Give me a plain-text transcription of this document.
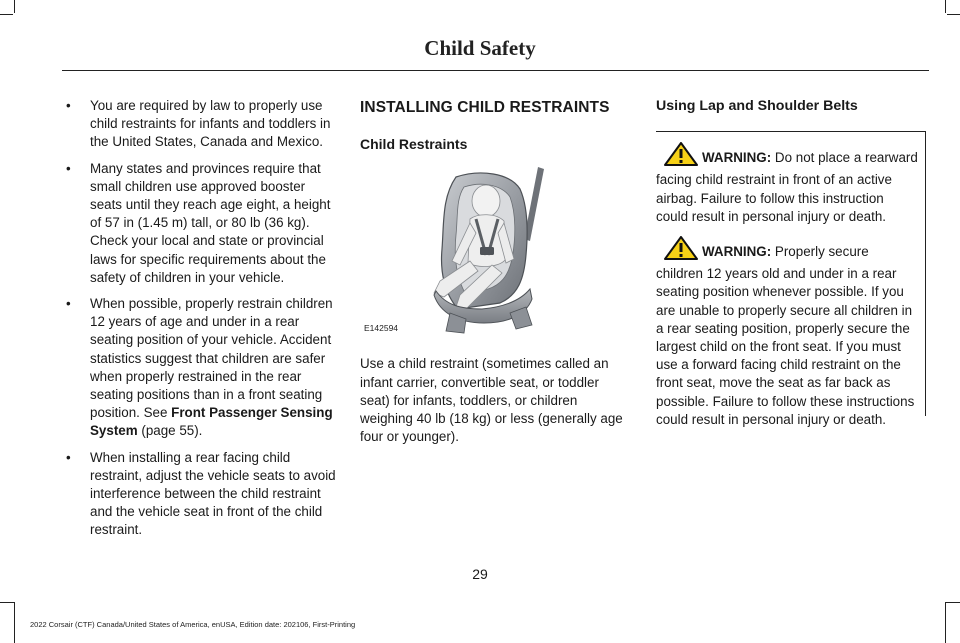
Child Safety
• You are required by law to properly use child restraints for infants and toddlers in the United States, Canada and Mexico.
• Many states and provinces require that small children use approved booster seats until they reach age eight, a height of 57 in (1.45 m) tall, or 80 lb (36 kg). Check your local and state or provincial laws for specific requirements about the safety of children in your vehicle.
• When possible, properly restrain children 12 years of age and under in a rear seating position of your vehicle. Accident statistics suggest that children are safer when properly restrained in the rear seating positions than in a front seating position. See Front Passenger Sensing System (page 55).
• When installing a rear facing child restraint, adjust the vehicle seats to avoid interference between the child restraint and the vehicle seat in front of the child restraint.
INSTALLING CHILD RESTRAINTS
Child Restraints
E142594

Use a child restraint (sometimes called an infant carrier, convertible seat, or toddler seat) for infants, toddlers, or children weighing 40 lb (18 kg) or less (generally age four or younger).

Using Lap and Shoulder Belts

WARNING: Do not place a rearward facing child restraint in front of an active airbag. Failure to follow this instruction could result in personal injury or death.

WARNING: Properly secure children 12 years old and under in a rear seating position whenever possible. If you are unable to properly secure all children in a rear seating position, properly secure the largest child on the front seat. If you must use a forward facing child restraint on the front seat, move the seat as far back as possible. Failure to follow these instructions could result in personal injury or death.

29
2022 Corsair (CTF) Canada/United States of America, enUSA, Edition date: 202106, First-Printing
